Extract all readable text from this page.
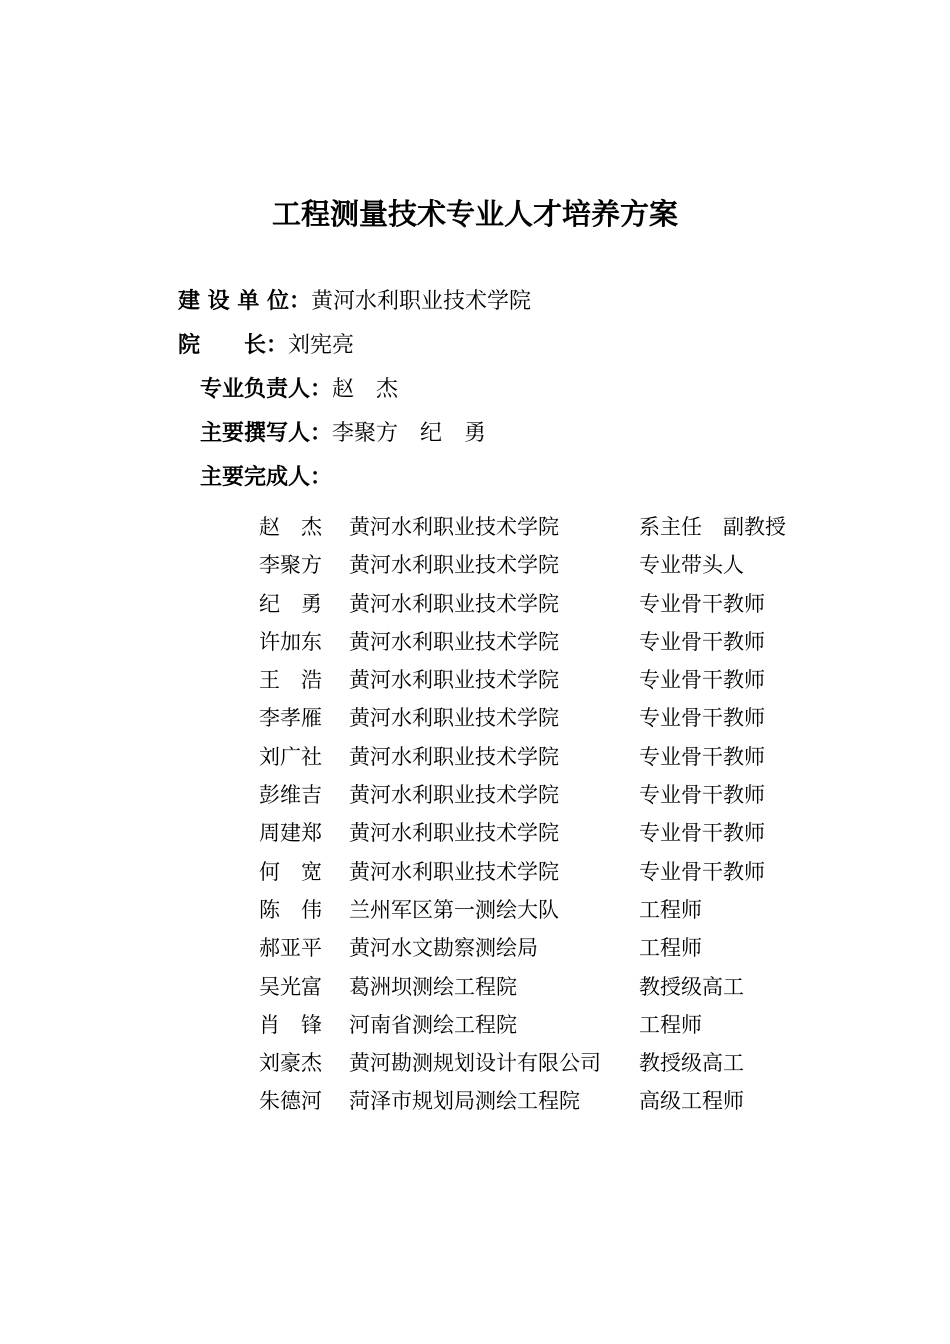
工程测量技术专业人才培养方案
建 设 单 位：黄河水利职业技术学院
院　　长：刘宪亮
专业负责人：赵　杰
主要撰写人：李聚方　纪　勇
主要完成人：
赵　杰 黄河水利职业技术学院	系主任　副教授
李聚方 黄河水利职业技术学院	专业带头人
纪　勇 黄河水利职业技术学院	专业骨干教师
许加东 黄河水利职业技术学院	专业骨干教师
王　浩 黄河水利职业技术学院	专业骨干教师
李孝雁 黄河水利职业技术学院	专业骨干教师
刘广社 黄河水利职业技术学院	专业骨干教师
彭维吉 黄河水利职业技术学院	专业骨干教师
周建郑 黄河水利职业技术学院	专业骨干教师
何　宽 黄河水利职业技术学院	专业骨干教师
陈　伟 兰州军区第一测绘大队	工程师
郝亚平 黄河水文勘察测绘局	工程师
吴光富 葛洲坝测绘工程院	教授级高工
肖　锋 河南省测绘工程院	工程师
刘豪杰 黄河勘测规划设计有限公司 教授级高工
朱德河 菏泽市规划局测绘工程院	高级工程师
